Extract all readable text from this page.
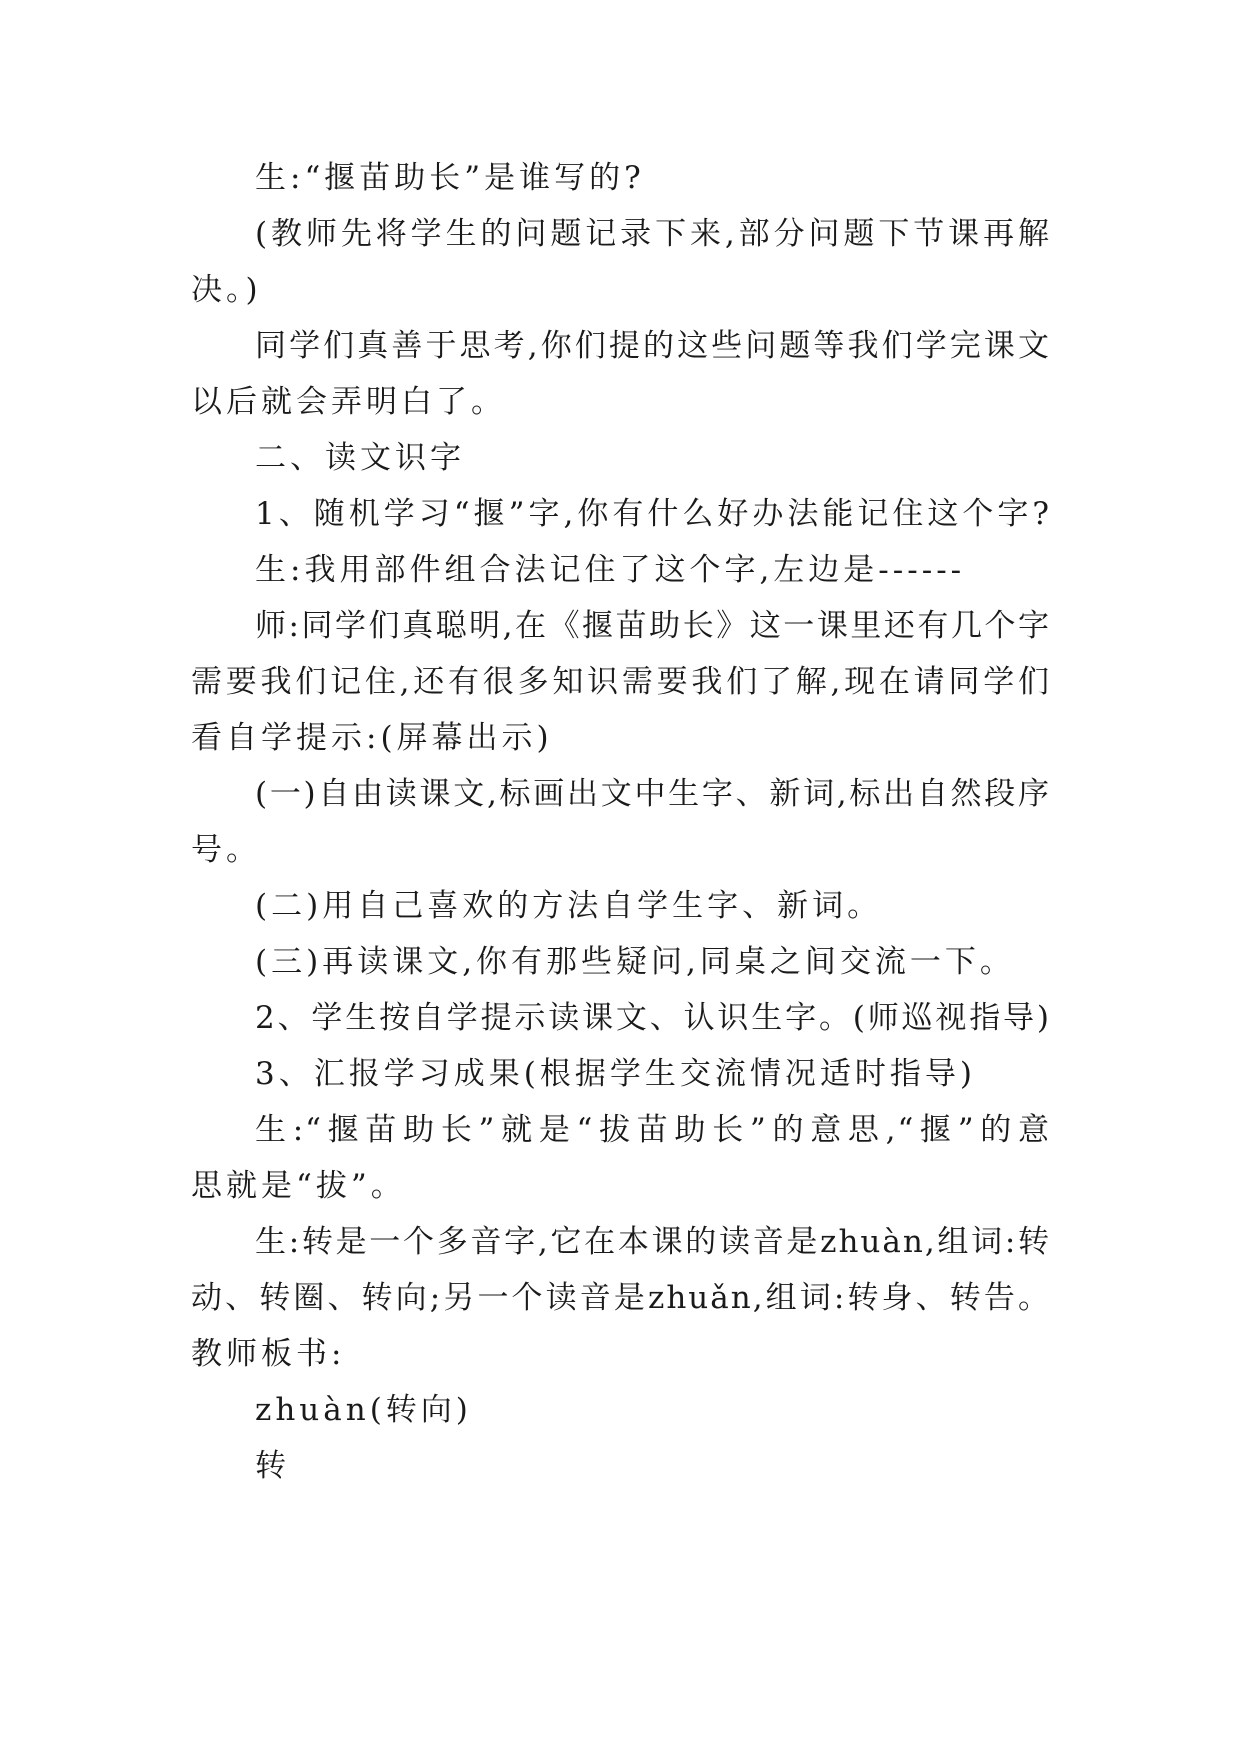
生:“揠苗助长”是谁写的?
(教师先将学生的问题记录下来,部分问题下节课再解
决。)
同学们真善于思考,你们提的这些问题等我们学完课文
以后就会弄明白了。
二、读文识字
1、随机学习“揠”字,你有什么好办法能记住这个字?
生:我用部件组合法记住了这个字,左边是------
师:同学们真聪明,在《揠苗助长》这一课里还有几个字
需要我们记住,还有很多知识需要我们了解,现在请同学们
看自学提示:(屏幕出示)
(一)自由读课文,标画出文中生字、新词,标出自然段序
号。
(二)用自己喜欢的方法自学生字、新词。
(三)再读课文,你有那些疑问,同桌之间交流一下。
2、学生按自学提示读课文、认识生字。(师巡视指导)
3、汇报学习成果(根据学生交流情况适时指导)
生:“揠苗助长”就是“拔苗助长”的意思,“揠”的意
思就是“拔”。
生:转是一个多音字,它在本课的读音是zhuàn,组词:转
动、转圈、转向;另一个读音是zhuǎn,组词:转身、转告。
教师板书:
zhuàn(转向)
转
